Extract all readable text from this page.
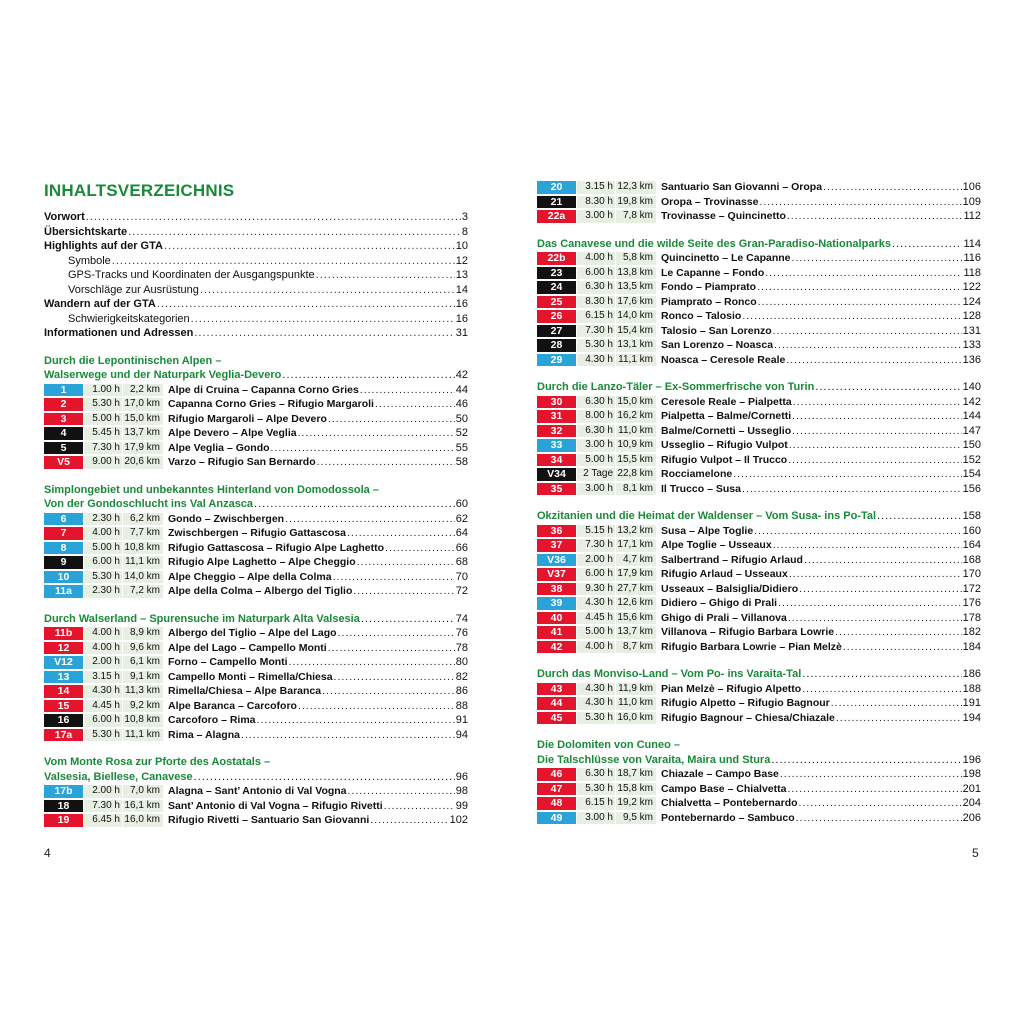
INHALTSVERZEICHNIS
Vorwort .....	3
Übersichtskarte .....	8
Highlights auf der GTA .....	10
Symbole .....	12
GPS-Tracks und Koordinaten der Ausgangspunkte .....	13
Vorschläge zur Ausrüstung .....	14
Wandern auf der GTA .....	16
Schwierigkeitskategorien .....	16
Informationen und Adressen .....	31
Durch die Lepontinischen Alpen –
Walserwege und der Naturpark Veglia-Devero .....	42
1	1.00 h 2,2 km Alpe di Cruina – Capanna Corno Gries .....	44
2	5.30 h 17,0 km Capanna Corno Gries – Rifugio Margaroli .....	46
3	5.00 h 15,0 km Rifugio Margaroli – Alpe Devero .....	50
4	5.45 h 13,7 km Alpe Devero – Alpe Veglia .....	52
5	7.30 h 17,9 km Alpe Veglia – Gondo .....	55
V5	9.00 h 20,6 km Varzo – Rifugio San Bernardo .....	58
Simplongebiet und unbekanntes Hinterland von Domodossola –
Von der Gondoschlucht ins Val Anzasca .....	60
6	2.30 h 6,2 km Gondo – Zwischbergen .....	62
7	4.00 h 7,7 km Zwischbergen – Rifugio Gattascosa .....	64
8	5.00 h 10,8 km Rifugio Gattascosa – Rifugio Alpe Laghetto .....	66
9	6.00 h 11,1 km Rifugio Alpe Laghetto – Alpe Cheggio .....	68
10	5.30 h 14,0 km Alpe Cheggio – Alpe della Colma .....	70
11a	2.30 h 7,2 km Alpe della Colma – Albergo del Tiglio .....	72
Durch Walserland – Spurensuche im Naturpark Alta Valsesia .....	74
11b	4.00 h 8,9 km Albergo del Tiglio – Alpe del Lago .....	76
12	4.00 h 9,6 km Alpe del Lago – Campello Monti .....	78
V12	2.00 h 6,1 km Forno – Campello Monti .....	80
13	3.15 h 9,1 km Campello Monti – Rimella/Chiesa .....	82
14	4.30 h 11,3 km Rimella/Chiesa – Alpe Baranca .....	86
15	4.45 h 9,2 km Alpe Baranca – Carcoforo .....	88
16	6.00 h 10,8 km Carcoforo – Rima .....	91
17a	5.30 h 11,1 km Rima – Alagna .....	94
Vom Monte Rosa zur Pforte des Aostatals –
Valsesia, Biellese, Canavese .....	96
17b	2.00 h 7,0 km Alagna – Sant’ Antonio di Val Vogna .....	98
18	7.30 h 16,1 km Sant’ Antonio di Val Vogna – Rifugio Rivetti .....	99
19	6.45 h 16,0 km Rifugio Rivetti – Santuario San Giovanni .....	102
20	3.15 h 12,3 km Santuario San Giovanni – Oropa .....	106
21	8.30 h 19,8 km Oropa – Trovinasse .....	109
22a	3.00 h 7,8 km Trovinasse – Quincinetto .....	112
Das Canavese und die wilde Seite des Gran-Paradiso-Nationalparks .....	114
22b	4.00 h 5,8 km Quincinetto – Le Capanne .....	116
23	6.00 h 13,8 km Le Capanne – Fondo .....	118
24	6.30 h 13,5 km Fondo – Piamprato .....	122
25	8.30 h 17,6 km Piamprato – Ronco .....	124
26	6.15 h 14,0 km Ronco – Talosio .....	128
27	7.30 h 15,4 km Talosio – San Lorenzo .....	131
28	5.30 h 13,1 km San Lorenzo – Noasca .....	133
29	4.30 h 11,1 km Noasca – Ceresole Reale .....	136
Durch die Lanzo-Täler – Ex-Sommerfrische von Turin .....	140
30	6.30 h 15,0 km Ceresole Reale – Pialpetta .....	142
31	8.00 h 16,2 km Pialpetta – Balme/Cornetti .....	144
32	6.30 h 11,0 km Balme/Cornetti – Usseglio .....	147
33	3.00 h 10,9 km Usseglio – Rifugio Vulpot .....	150
34	5.00 h 15,5 km Rifugio Vulpot – Il Trucco .....	152
V34	2 Tage 22,8 km Rocciamelone .....	154
35	3.00 h 8,1 km Il Trucco – Susa .....	156
Okzitanien und die Heimat der Waldenser – Vom Susa- ins Po-Tal .....	158
36	5.15 h 13,2 km Susa – Alpe Toglie .....	160
37	7.30 h 17,1 km Alpe Toglie – Usseaux .....	164
V36	2.00 h 4,7 km Salbertrand – Rifugio Arlaud .....	168
V37	6.00 h 17,9 km Rifugio Arlaud – Usseaux .....	170
38	9.30 h 27,7 km Usseaux – Balsiglia/Didiero .....	172
39	4.30 h 12,6 km Didiero – Ghigo di Prali .....	176
40	4.45 h 15,6 km Ghigo di Prali – Villanova .....	178
41	5.00 h 13,7 km Villanova – Rifugio Barbara Lowrie .....	182
42	4.00 h 8,7 km Rifugio Barbara Lowrie – Pian Melzè .....	184
Durch das Monviso-Land – Vom Po- ins Varaita-Tal .....	186
43	4.30 h 11,9 km Pian Melzè – Rifugio Alpetto .....	188
44	4.30 h 11,0 km Rifugio Alpetto – Rifugio Bagnour .....	191
45	5.30 h 16,0 km Rifugio Bagnour – Chiesa/Chiazale .....	194
Die Dolomiten von Cuneo –
Die Talschlüsse von Varaita, Maira und Stura .....	196
46	6.30 h 18,7 km Chiazale – Campo Base .....	198
47	5.30 h 15,8 km Campo Base – Chialvetta .....	201
48	6.15 h 19,2 km Chialvetta – Pontebernardo .....	204
49	3.00 h 9,5 km Pontebernardo – Sambuco .....	206
4	5
